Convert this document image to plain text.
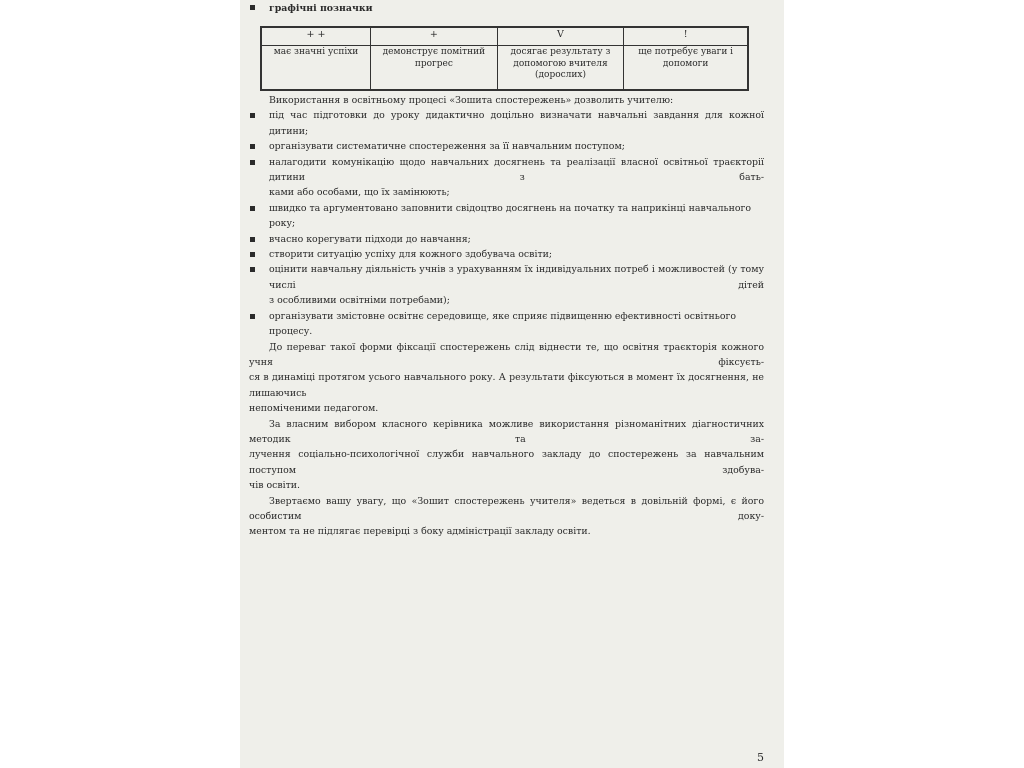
графічні позначки
+ +	+	V	!
має значні успіхи	демонструє помітний прогрес	досягає результату з допомогою вчителя (дорослих)	ще потребує уваги і допомоги
Використання в освітньому процесі «Зошита спостережень» дозволить учителю:
під час підготовки до уроку дидактично доцільно визначати навчальні завдання для кожної дитини;
організувати систематичне спостереження за її навчальним поступом;
налагодити комунікацію щодо навчальних досягнень та реалізації власної освітньої траєкторії дитини з бать-
ками або особами, що їх замінюють;
швидко та аргументовано заповнити свідоцтво досягнень на початку та наприкінці навчального року;
вчасно корегувати підходи до навчання;
створити ситуацію успіху для кожного здобувача освіти;
оцінити навчальну діяльність учнів з урахуванням їх індивідуальних потреб і можливостей (у тому числі дітей
з особливими освітніми потребами);
організувати змістовне освітнє середовище, яке сприяє підвищенню ефективності освітнього процесу.
До переваг такої форми фіксації спостережень слід віднести те, що освітня траєкторія кожного учня фіксуєть-
ся в динаміці протягом усього навчального року. А результати фіксуються в момент їх досягнення, не лишаючись
непоміченими педагогом.
За власним вибором класного керівника можливе використання різноманітних діагностичних методик та за-
лучення соціально-психологічної служби навчального закладу до спостережень за навчальним поступом здобува-
чів освіти.
Звертаємо вашу увагу, що «Зошит спостережень учителя» ведеться в довільній формі, є його особистим доку-
ментом та не підлягає перевірці з боку адміністрації закладу освіти.
5
